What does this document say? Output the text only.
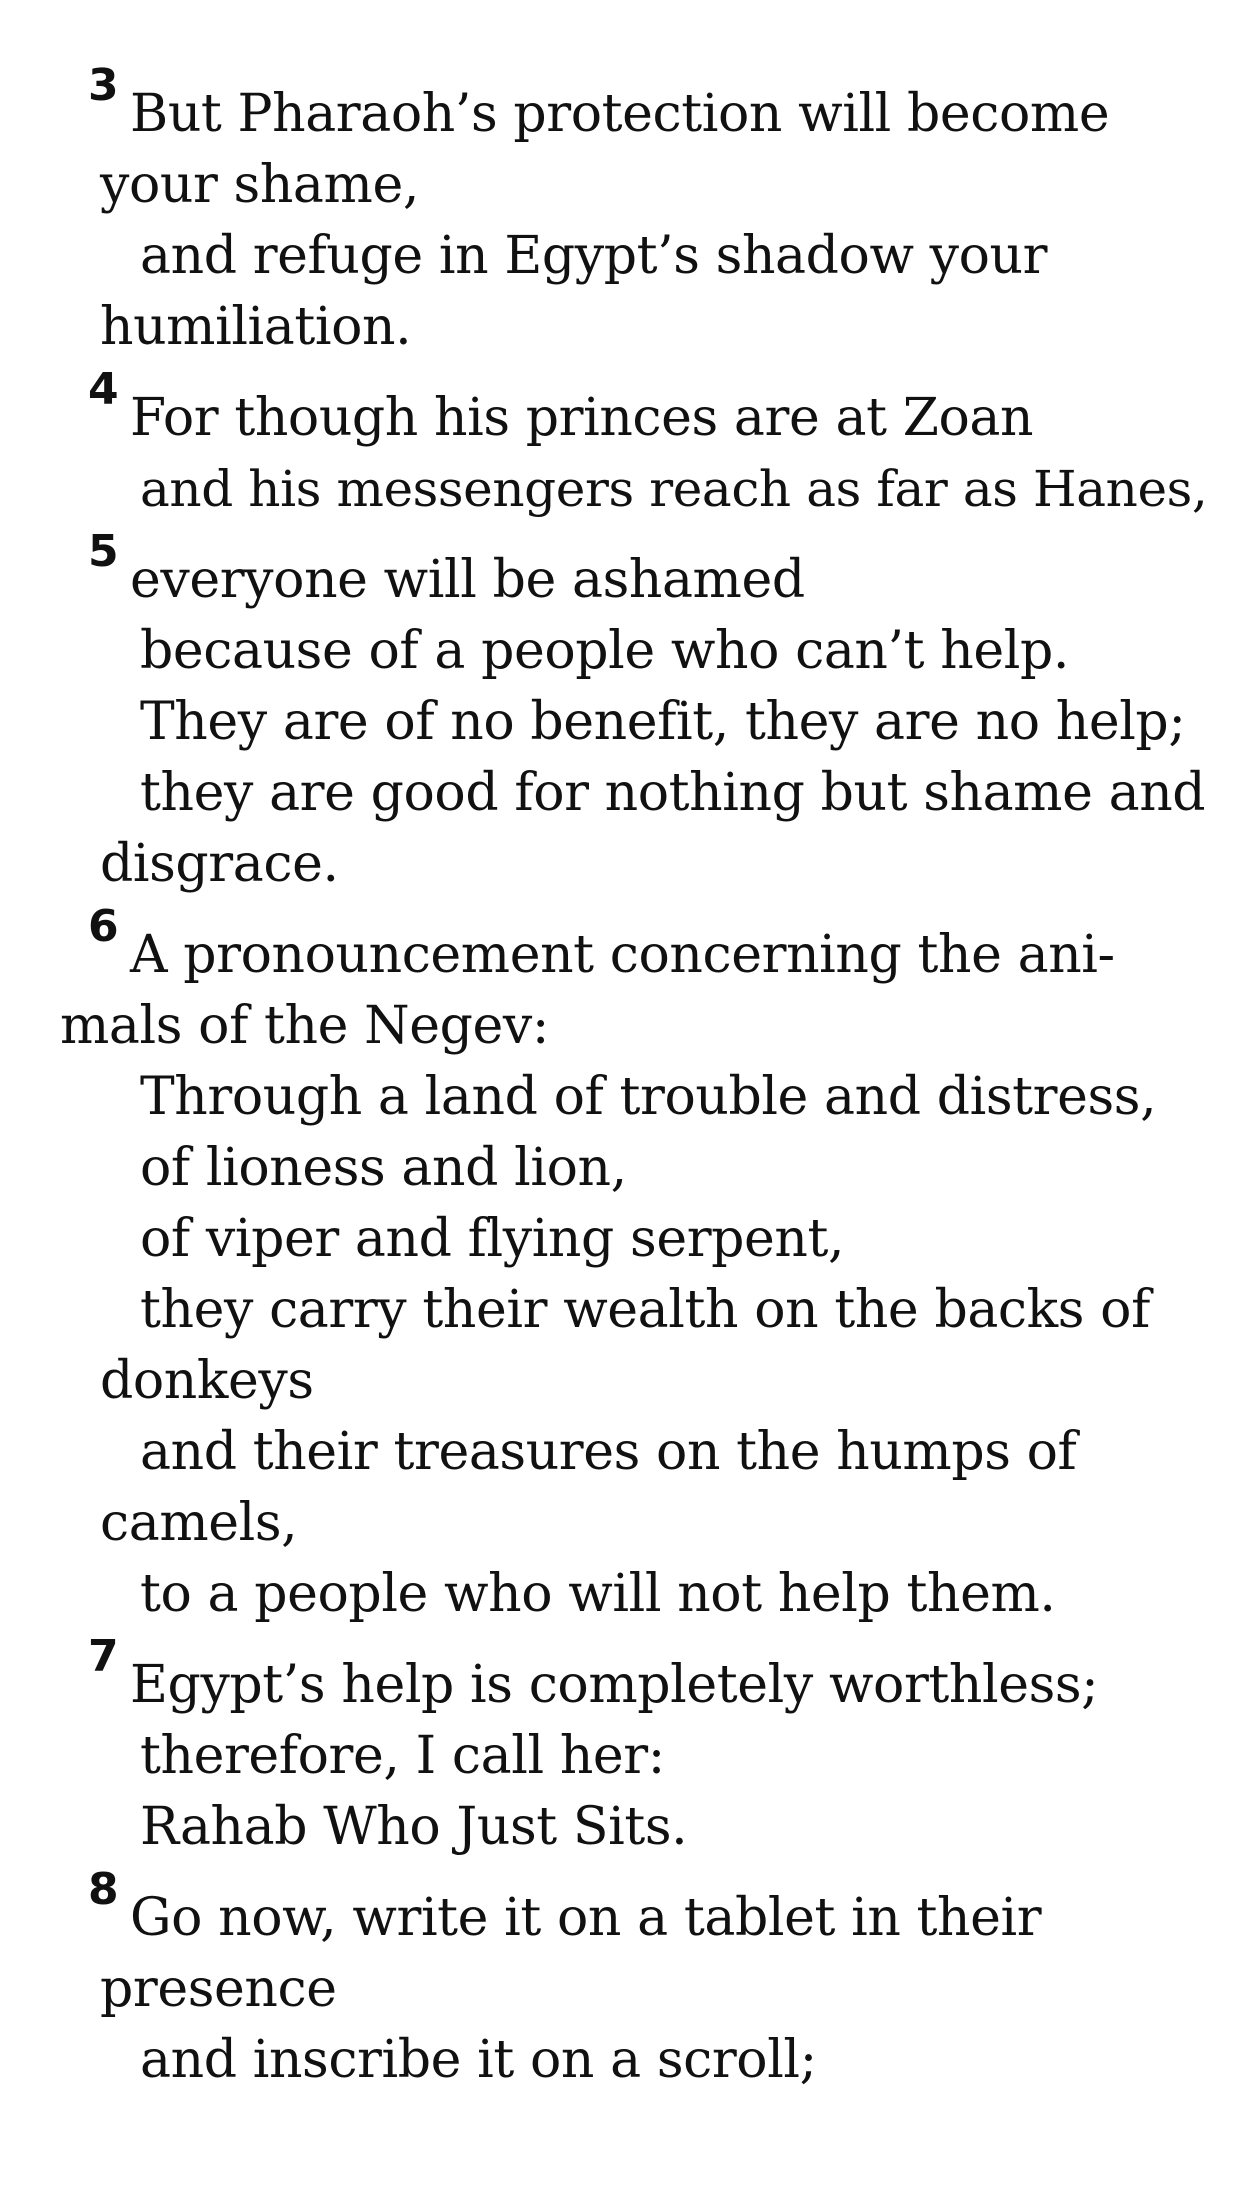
3 But Pharaoh’s protection will become
your shame,
and refuge in Egypt’s shadow your
humiliation.
4 For though his princes are at Zoan
and his messengers reach as far as Hanes,
5 everyone will be ashamed
because of a people who can’t help.
They are of no benefit, they are no help;
they are good for nothing but shame and
disgrace.
6 A pronouncement concerning the ani-
mals of the Negev:
Through a land of trouble and distress,
of lioness and lion,
of viper and flying serpent,
they carry their wealth on the backs of
donkeys
and their treasures on the humps of
camels,
to a people who will not help them.
7 Egypt’s help is completely worthless;
therefore, I call her:
Rahab Who Just Sits.
8 Go now, write it on a tablet in their
presence
and inscribe it on a scroll;
